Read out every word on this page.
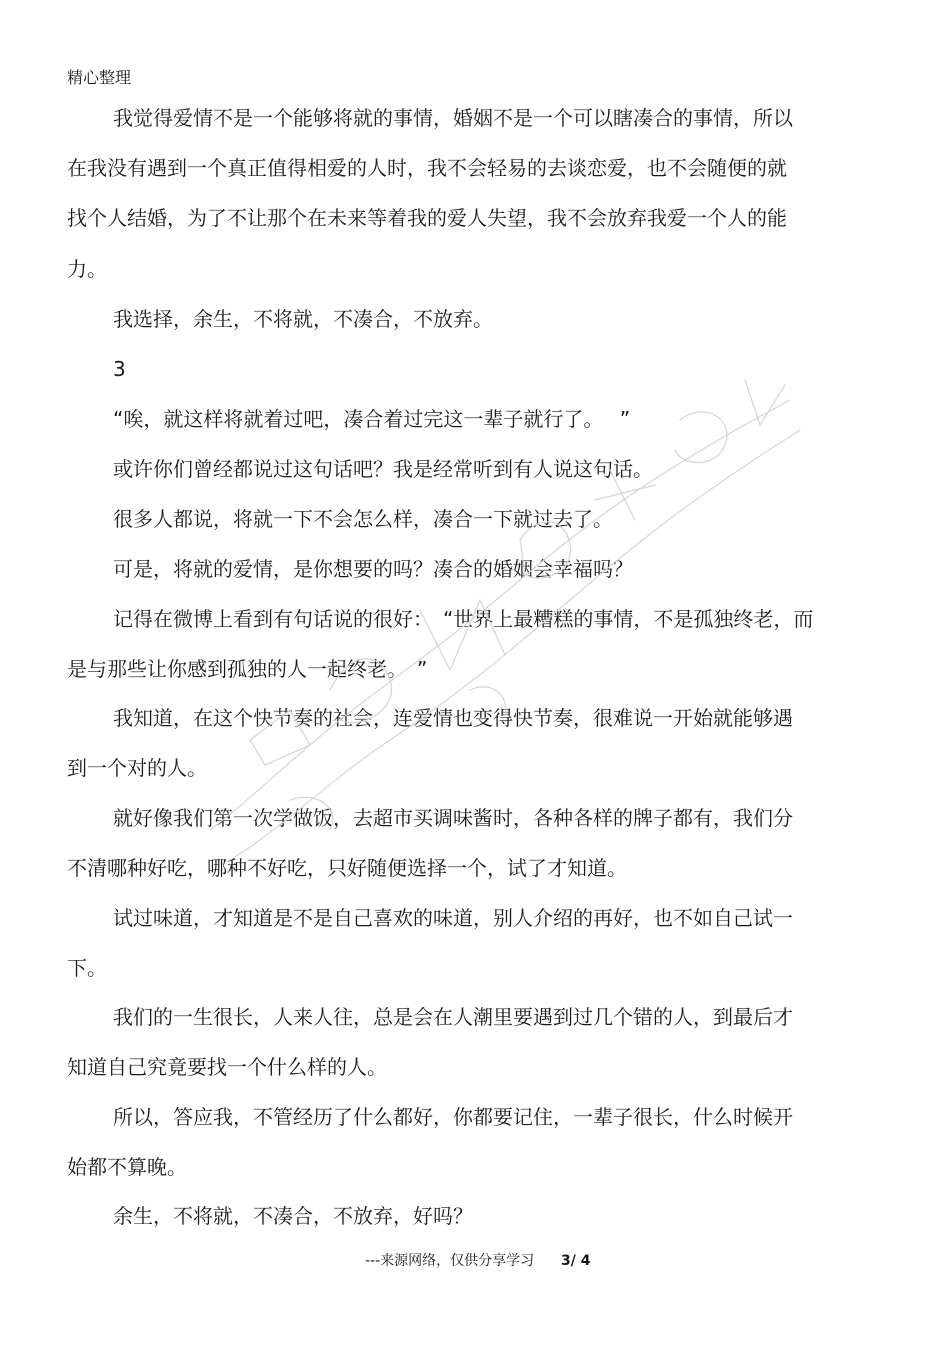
精心整理
我觉得爱情不是一个能够将就的事情，婚姻不是一个可以瞎凑合的事情，所以
在我没有遇到一个真正值得相爱的人时，我不会轻易的去谈恋爱，也不会随便的就
找个人结婚，为了不让那个在未来等着我的爱人失望，我不会放弃我爱一个人的能
力。
我选择，余生，不将就，不凑合，不放弃。
3
“唉，就这样将就着过吧，凑合着过完这一辈子就行了。　 ”
或许你们曾经都说过这句话吧？我是经常听到有人说这句话。
很多人都说，将就一下不会怎么样，凑合一下就过去了。
可是，将就的爱情，是你想要的吗？凑合的婚姻会幸福吗？
记得在微博上看到有句话说的很好：　“世界上最糟糕的事情，不是孤独终老，而
是与那些让你感到孤独的人一起终老。　”
我知道，在这个快节奏的社会，连爱情也变得快节奏，很难说一开始就能够遇
到一个对的人。
就好像我们第一次学做饭，去超市买调味酱时，各种各样的牌子都有，我们分
不清哪种好吃，哪种不好吃，只好随便选择一个，试了才知道。
试过味道，才知道是不是自己喜欢的味道，别人介绍的再好，也不如自己试一
下。
我们的一生很长，人来人往，总是会在人潮里要遇到过几个错的人，到最后才
知道自己究竟要找一个什么样的人。
所以，答应我，不管经历了什么都好，你都要记住，一辈子很长，什么时候开
始都不算晚。
余生，不将就，不凑合，不放弃，好吗？
---来源网络，仅供分享学习 3/ 4
